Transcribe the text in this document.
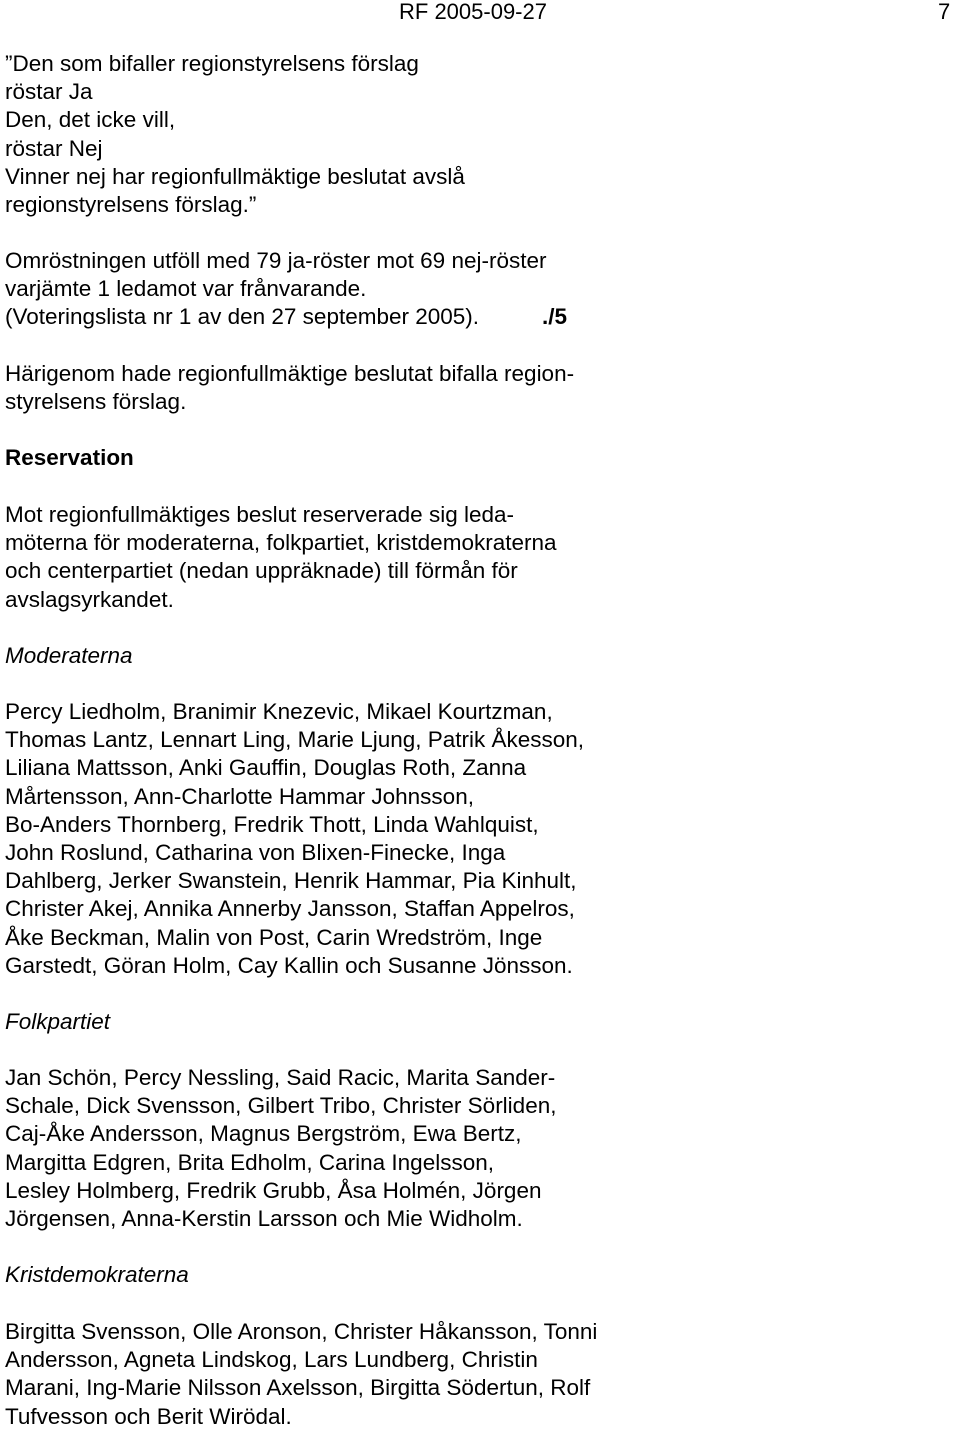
RF 2005-09-27	7
”Den som bifaller regionstyrelsens förslag
röstar Ja
Den, det icke vill,
röstar Nej
Vinner nej har regionfullmäktige beslutat avslå
regionstyrelsens förslag.”
Omröstningen utföll med 79 ja-röster mot 69 nej-röster
varjämte 1 ledamot var frånvarande.
(Voteringslista nr 1 av den 27 september 2005).	./5
Härigenom hade regionfullmäktige beslutat bifalla region-
styrelsens förslag.
Reservation
Mot regionfullmäktiges beslut reserverade sig leda-
möterna för moderaterna, folkpartiet, kristdemokraterna
och centerpartiet (nedan uppräknade) till förmån för
avslagsyrkandet.
Moderaterna
Percy Liedholm, Branimir Knezevic, Mikael Kourtzman,
Thomas Lantz, Lennart Ling, Marie Ljung, Patrik Åkesson,
Liliana Mattsson, Anki Gauffin, Douglas Roth, Zanna
Mårtensson, Ann-Charlotte Hammar Johnsson,
Bo-Anders Thornberg, Fredrik Thott, Linda Wahlquist,
John Roslund, Catharina von Blixen-Finecke, Inga
Dahlberg, Jerker Swanstein, Henrik Hammar, Pia Kinhult,
Christer Akej, Annika Annerby Jansson, Staffan Appelros,
Åke Beckman, Malin von Post, Carin Wredström, Inge
Garstedt, Göran Holm, Cay Kallin och Susanne Jönsson.
Folkpartiet
Jan Schön, Percy Nessling, Said Racic, Marita Sander-
Schale, Dick Svensson, Gilbert Tribo, Christer Sörliden,
Caj-Åke Andersson, Magnus Bergström, Ewa Bertz,
Margitta Edgren, Brita Edholm, Carina Ingelsson,
Lesley Holmberg, Fredrik Grubb, Åsa Holmén, Jörgen
Jörgensen, Anna-Kerstin Larsson och Mie Widholm.
Kristdemokraterna
Birgitta Svensson, Olle Aronson, Christer Håkansson, Tonni
Andersson, Agneta Lindskog, Lars Lundberg, Christin
Marani, Ing-Marie Nilsson Axelsson, Birgitta Södertun, Rolf
Tufvesson och Berit Wirödal.
